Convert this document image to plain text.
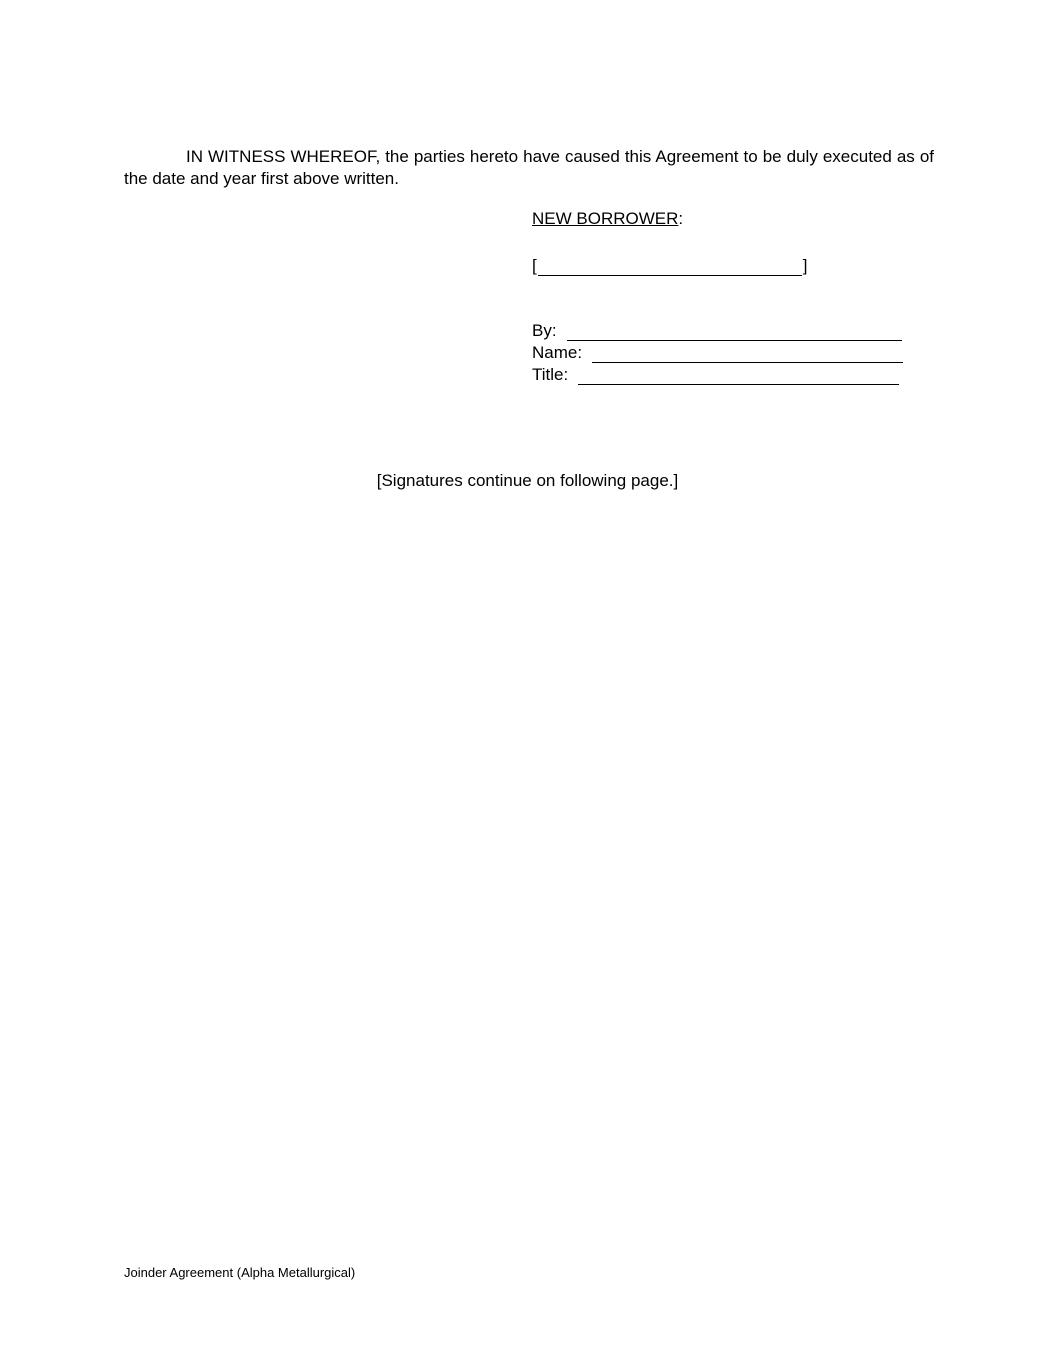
IN WITNESS WHEREOF, the parties hereto have caused this Agreement to be duly executed as of the date and year first above written.

NEW BORROWER:
[	]
By:
Name:
Title:
[Signatures continue on following page.]
Joinder Agreement (Alpha Metallurgical)
